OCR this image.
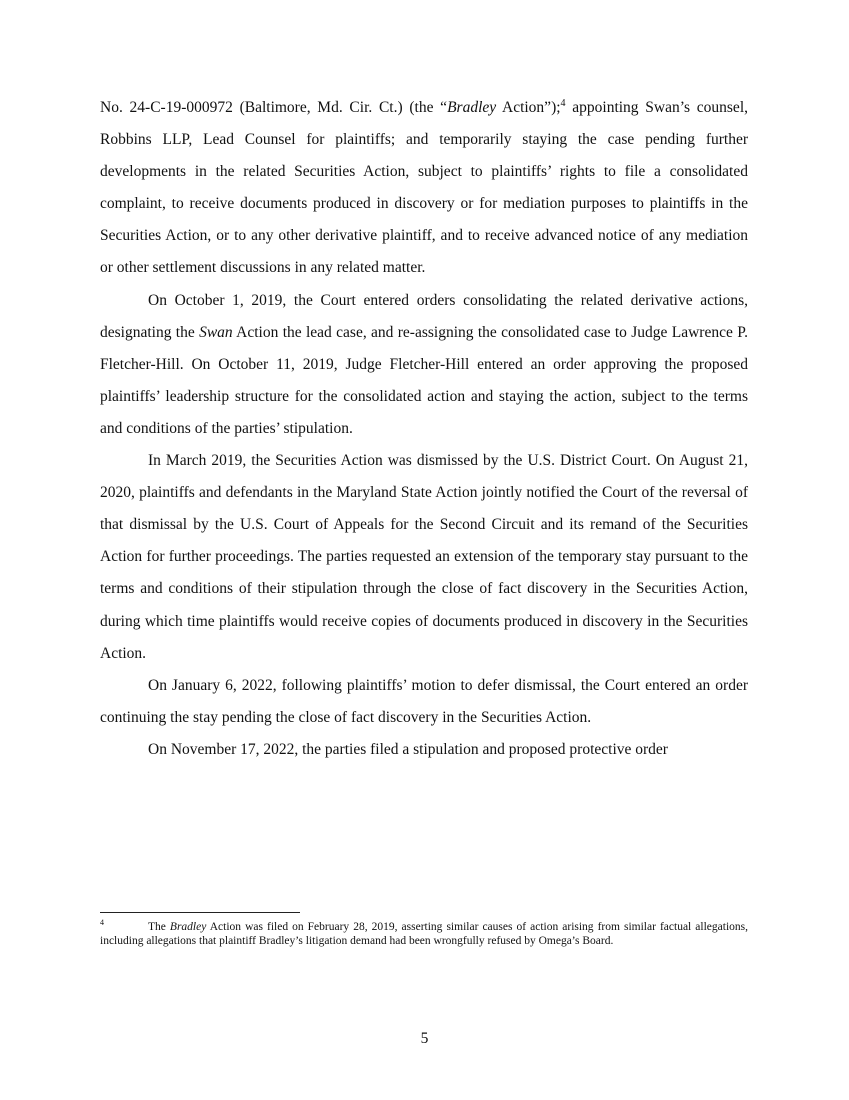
No. 24-C-19-000972 (Baltimore, Md. Cir. Ct.) (the “Bradley Action”);$^4$ appointing Swan’s counsel, Robbins LLP, Lead Counsel for plaintiffs; and temporarily staying the case pending further developments in the related Securities Action, subject to plaintiffs’ rights to file a consolidated complaint, to receive documents produced in discovery or for mediation purposes to plaintiffs in the Securities Action, or to any other derivative plaintiff, and to receive advanced notice of any mediation or other settlement discussions in any related matter.

On October 1, 2019, the Court entered orders consolidating the related derivative actions, designating the Swan Action the lead case, and re-assigning the consolidated case to Judge Lawrence P. Fletcher-Hill. On October 11, 2019, Judge Fletcher-Hill entered an order approving the proposed plaintiffs’ leadership structure for the consolidated action and staying the action, subject to the terms and conditions of the parties’ stipulation.

In March 2019, the Securities Action was dismissed by the U.S. District Court. On August 21, 2020, plaintiffs and defendants in the Maryland State Action jointly notified the Court of the reversal of that dismissal by the U.S. Court of Appeals for the Second Circuit and its remand of the Securities Action for further proceedings. The parties requested an extension of the temporary stay pursuant to the terms and conditions of their stipulation through the close of fact discovery in the Securities Action, during which time plaintiffs would receive copies of documents produced in discovery in the Securities Action.

On January 6, 2022, following plaintiffs’ motion to defer dismissal, the Court entered an order continuing the stay pending the close of fact discovery in the Securities Action.

On November 17, 2022, the parties filed a stipulation and proposed protective order

$^4$	The Bradley Action was filed on February 28, 2019, asserting similar causes of action arising from similar factual allegations, including allegations that plaintiff Bradley’s litigation demand had been wrongfully refused by Omega’s Board.
5
